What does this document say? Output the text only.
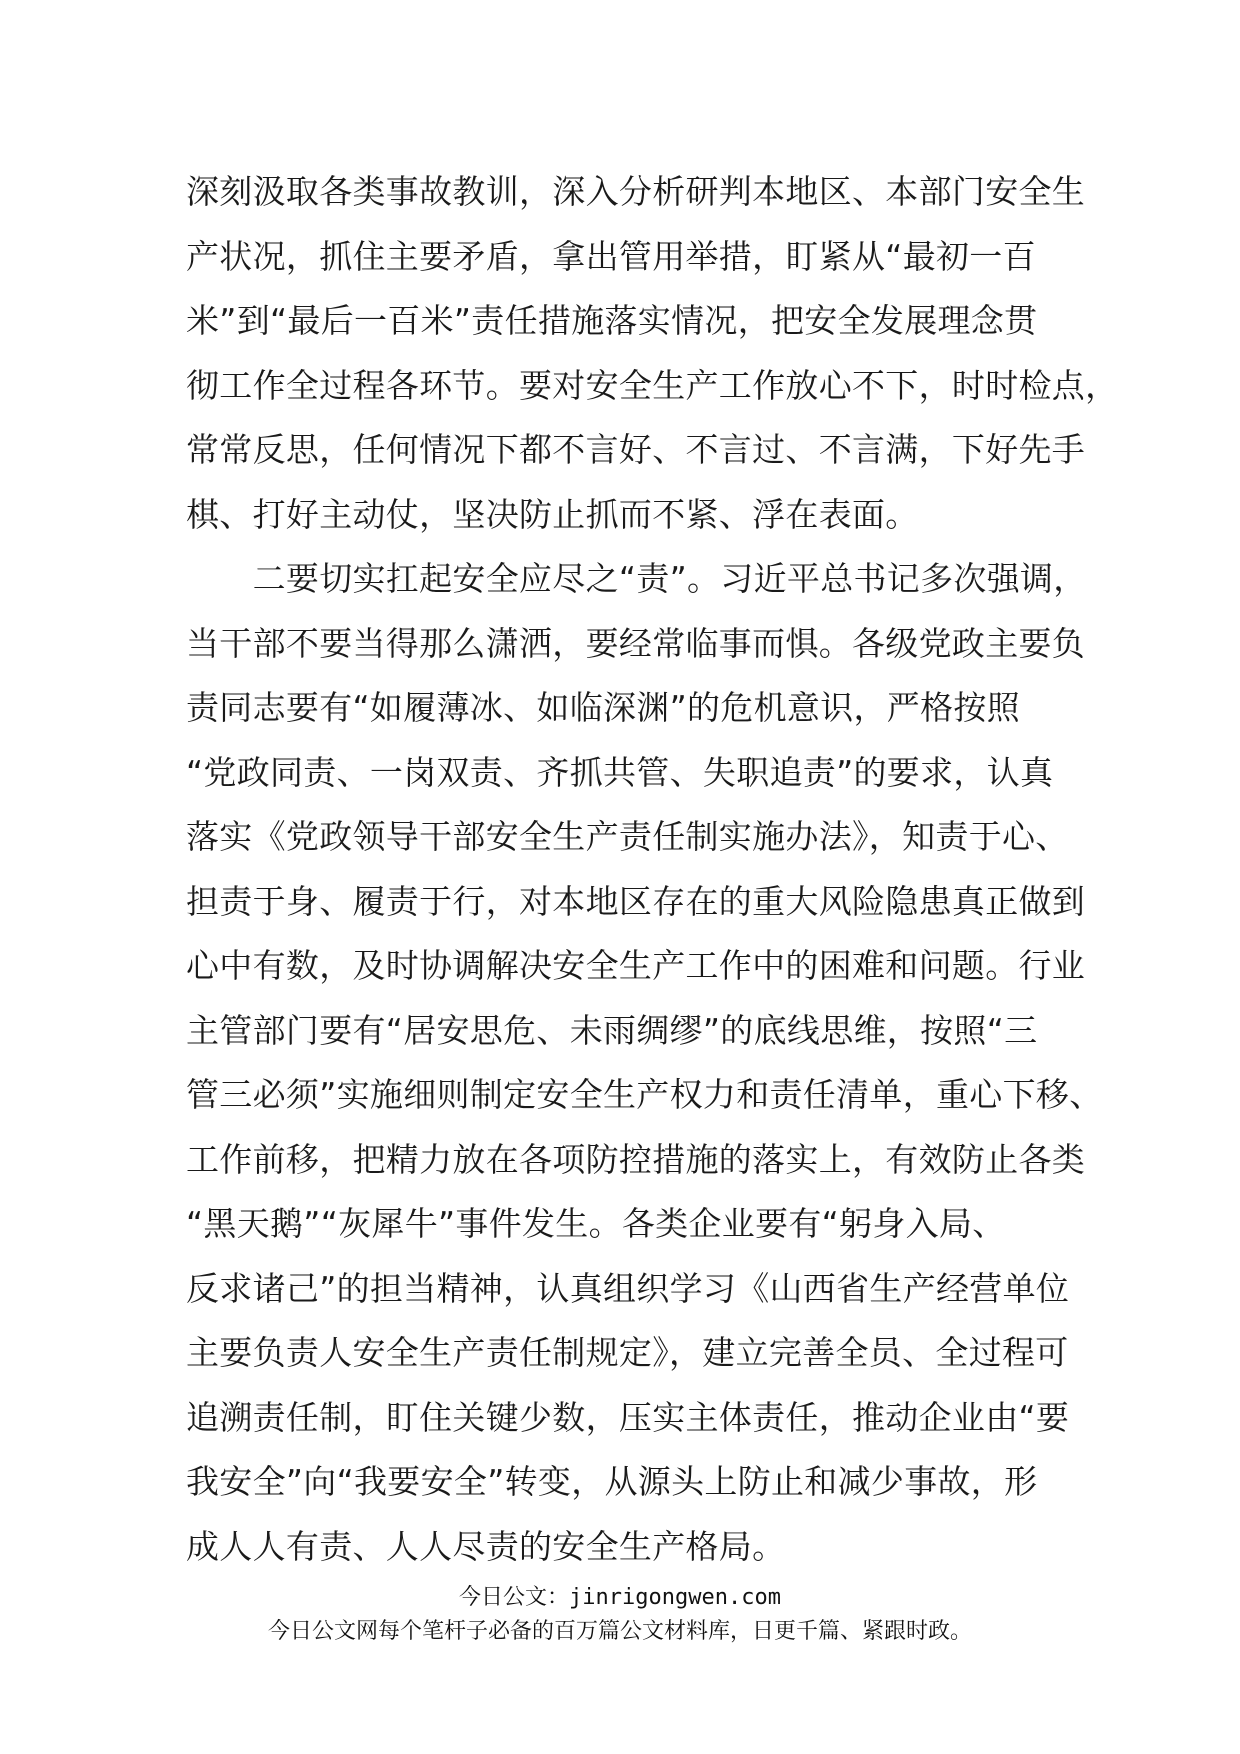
深刻汲取各类事故教训，深入分析研判本地区、本部门安全生
产状况，抓住主要矛盾，拿出管用举措，盯紧从“最初一百
米”到“最后一百米”责任措施落实情况，把安全发展理念贯
彻工作全过程各环节。要对安全生产工作放心不下，时时检点，
常常反思，任何情况下都不言好、不言过、不言满，下好先手
棋、打好主动仗，坚决防止抓而不紧、浮在表面。
　　二要切实扛起安全应尽之“责”。习近平总书记多次强调，
当干部不要当得那么潇洒，要经常临事而惧。各级党政主要负
责同志要有“如履薄冰、如临深渊”的危机意识，严格按照
“党政同责、一岗双责、齐抓共管、失职追责”的要求，认真
落实《党政领导干部安全生产责任制实施办法》，知责于心、
担责于身、履责于行，对本地区存在的重大风险隐患真正做到
心中有数，及时协调解决安全生产工作中的困难和问题。行业
主管部门要有“居安思危、未雨绸缪”的底线思维，按照“三
管三必须”实施细则制定安全生产权力和责任清单，重心下移、
工作前移，把精力放在各项防控措施的落实上，有效防止各类
“黑天鹅”“灰犀牛”事件发生。各类企业要有“躬身入局、
反求诸己”的担当精神，认真组织学习《山西省生产经营单位
主要负责人安全生产责任制规定》，建立完善全员、全过程可
追溯责任制，盯住关键少数，压实主体责任，推动企业由“要
我安全”向“我要安全”转变，从源头上防止和减少事故，形
成人人有责、人人尽责的安全生产格局。
今日公文：jinrigongwen.com
今日公文网每个笔杆子必备的百万篇公文材料库，日更千篇、紧跟时政。
